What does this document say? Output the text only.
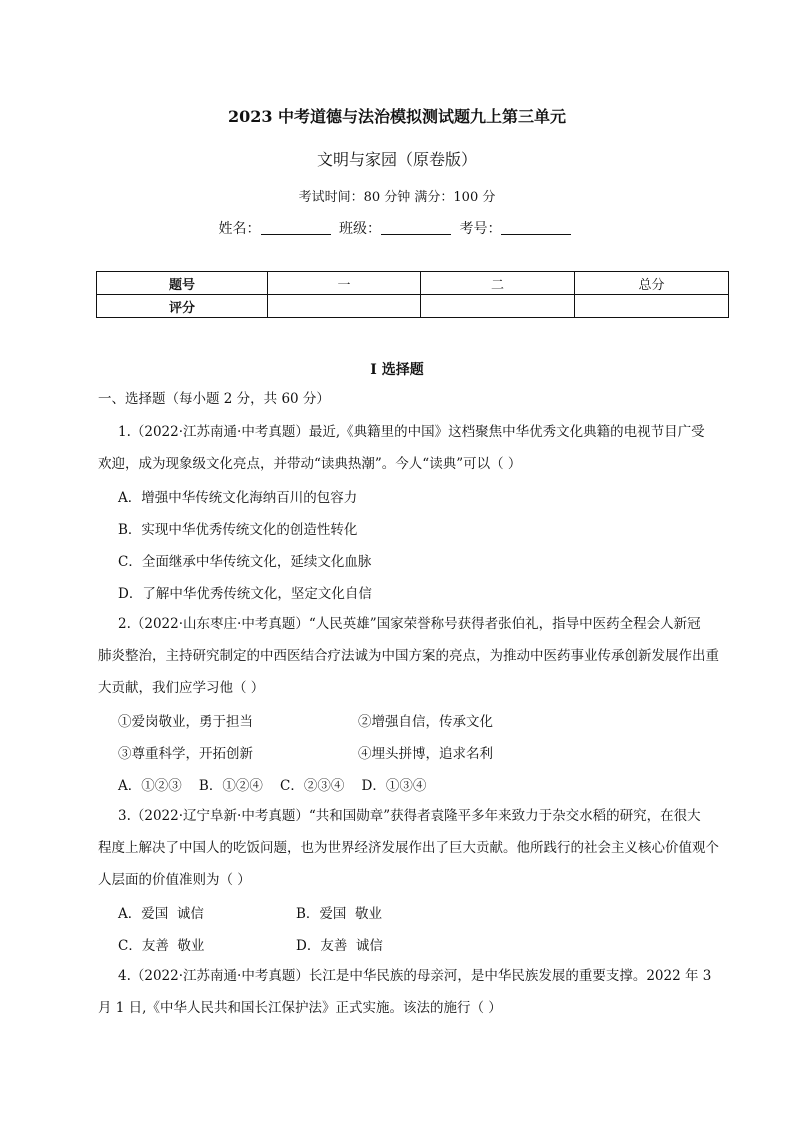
2023 中考道德与法治模拟测试题九上第三单元
文明与家园（原卷版）
考试时间：80 分钟 满分：100 分
姓名：	班级：	考号：
题号	一	二	总分
评分			
I 选择题
一、选择题（每小题 2 分，共 60 分）
1.（2022·江苏南通·中考真题）最近,《典籍里的中国》这档聚焦中华优秀文化典籍的电视节目广受
欢迎，成为现象级文化亮点，并带动“读典热潮”。今人“读典”可以（ ）
A．增强中华传统文化海纳百川的包容力
B．实现中华优秀传统文化的创造性转化
C．全面继承中华传统文化，延续文化血脉
D．了解中华优秀传统文化，坚定文化自信
2.（2022·山东枣庄·中考真题）“人民英雄”国家荣誉称号获得者张伯礼，指导中医药全程会人新冠
肺炎整治，主持研究制定的中西医结合疗法诚为中国方案的亮点，为推动中医药事业传承创新发展作出重
大贡献，我们应学习他（ ）
①爱岗敬业，勇于担当	②增强自信，传承文化
③尊重科学，开拓创新	④埋头拼博，追求名利
A．①②③    B．①②④    C．②③④    D．①③④
3.（2022·辽宁阜新·中考真题）“共和国勋章”获得者袁隆平多年来致力于杂交水稻的研究，在很大
程度上解决了中国人的吃饭问题，也为世界经济发展作出了巨大贡献。他所践行的社会主义核心价值观个
人层面的价值准则为（ ）
A．爱国  诚信	B．爱国  敬业
C．友善  敬业	D．友善  诚信
4.（2022·江苏南通·中考真题）长江是中华民族的母亲河，是中华民族发展的重要支撑。2022 年 3
月 1 日,《中华人民共和国长江保护法》正式实施。该法的施行（ ）
